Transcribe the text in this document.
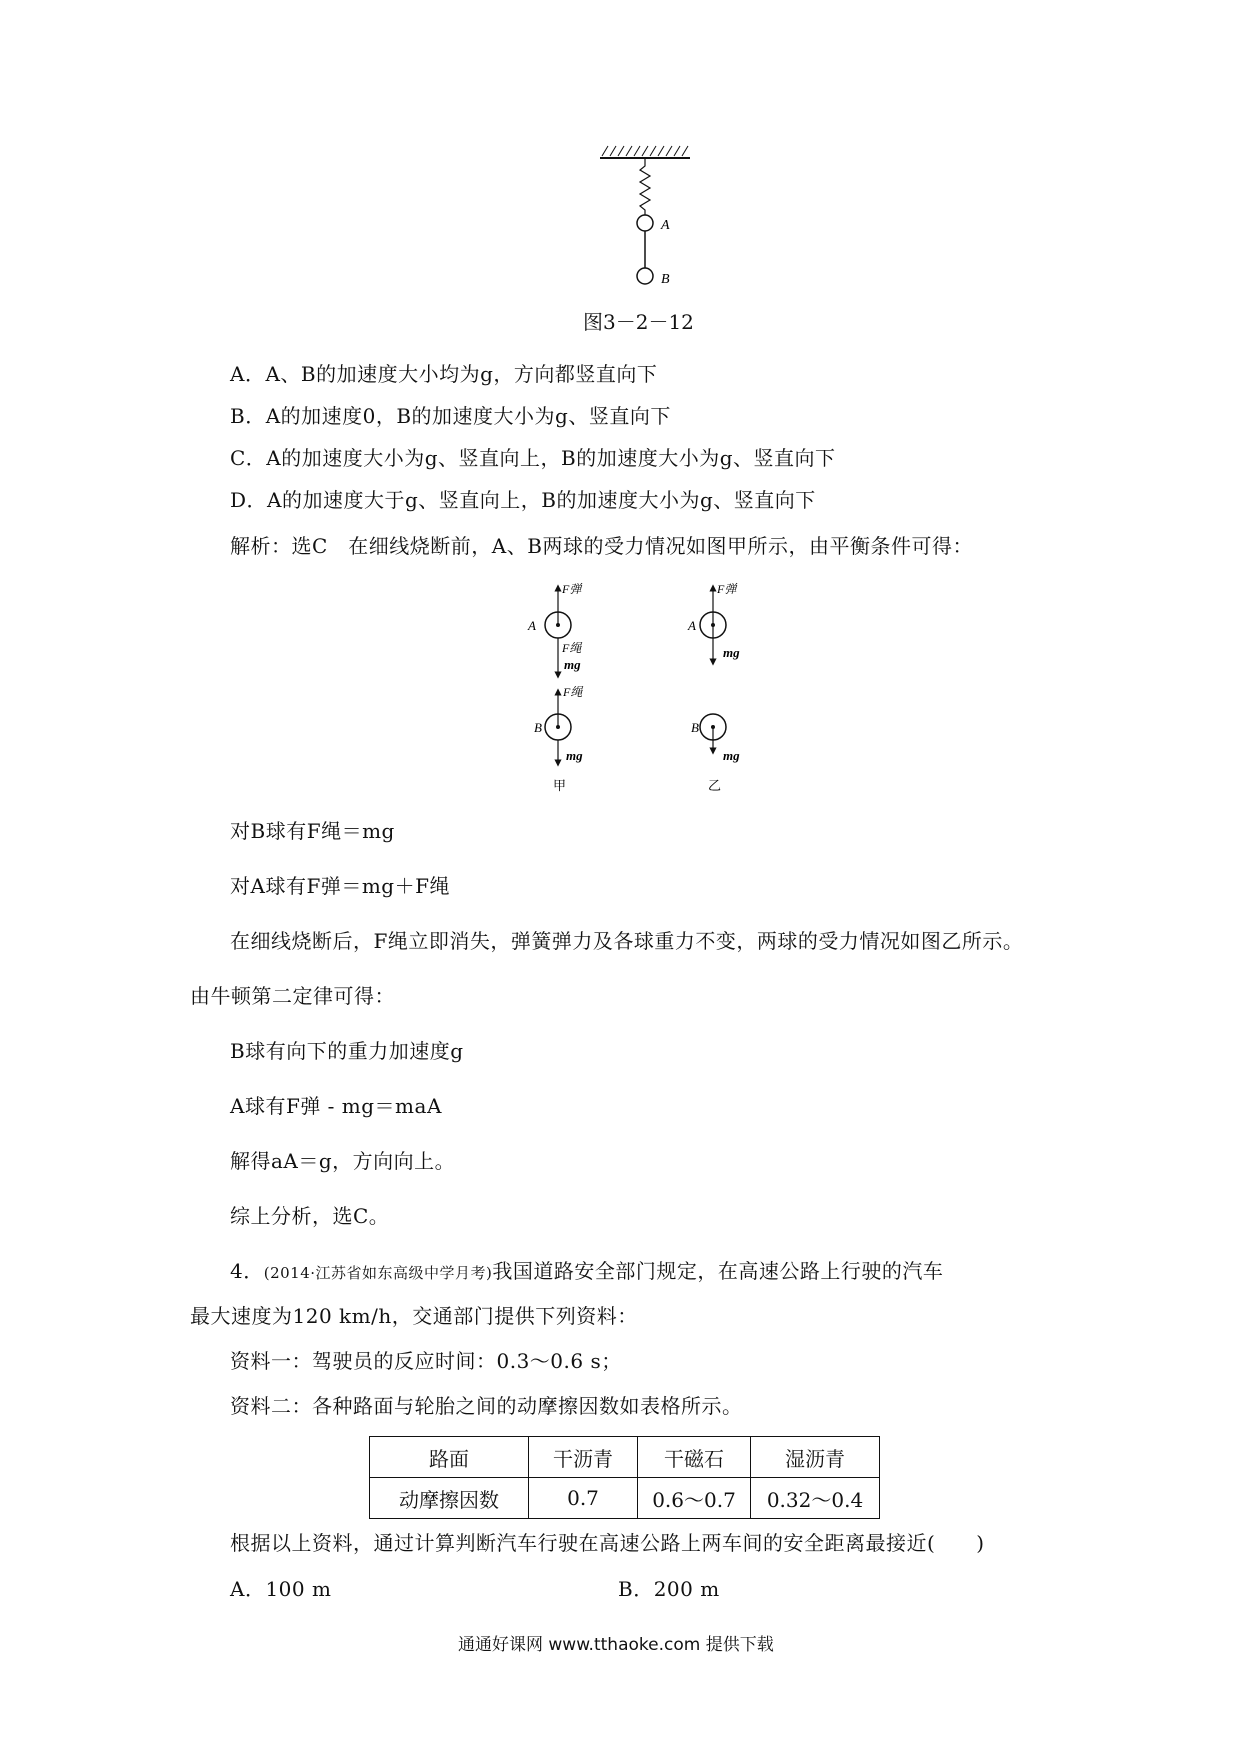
A
B
图3－2－12
A．A、B的加速度大小均为g，方向都竖直向下
B．A的加速度0，B的加速度大小为g、竖直向下
C．A的加速度大小为g、竖直向上，B的加速度大小为g、竖直向下
D．A的加速度大于g、竖直向上，B的加速度大小为g、竖直向下
解析：选C　在细线烧断前，A、B两球的受力情况如图甲所示，由平衡条件可得：
F弹
F绳
mg
A
F弹
mg
A
F绳
mg
B
mg
B
甲	乙
对B球有F绳＝mg
对A球有F弹＝mg＋F绳
在细线烧断后，F绳立即消失，弹簧弹力及各球重力不变，两球的受力情况如图乙所示。
由牛顿第二定律可得：
B球有向下的重力加速度g
A球有F弹 - mg＝maA
解得aA＝g，方向向上。
综上分析，选C。
4．(2014·江苏省如东高级中学月考)我国道路安全部门规定，在高速公路上行驶的汽车
最大速度为120 km/h，交通部门提供下列资料：
资料一：驾驶员的反应时间：0.3～0.6 s；
资料二：各种路面与轮胎之间的动摩擦因数如表格所示。
路面	干沥青	干磁石	湿沥青
动摩擦因数	0.7	0.6～0.7	0.32～0.4
根据以上资料，通过计算判断汽车行驶在高速公路上两车间的安全距离最接近(　　)
A．100 m	B．200 m
通通好课网 www.tthaoke.com 提供下载
